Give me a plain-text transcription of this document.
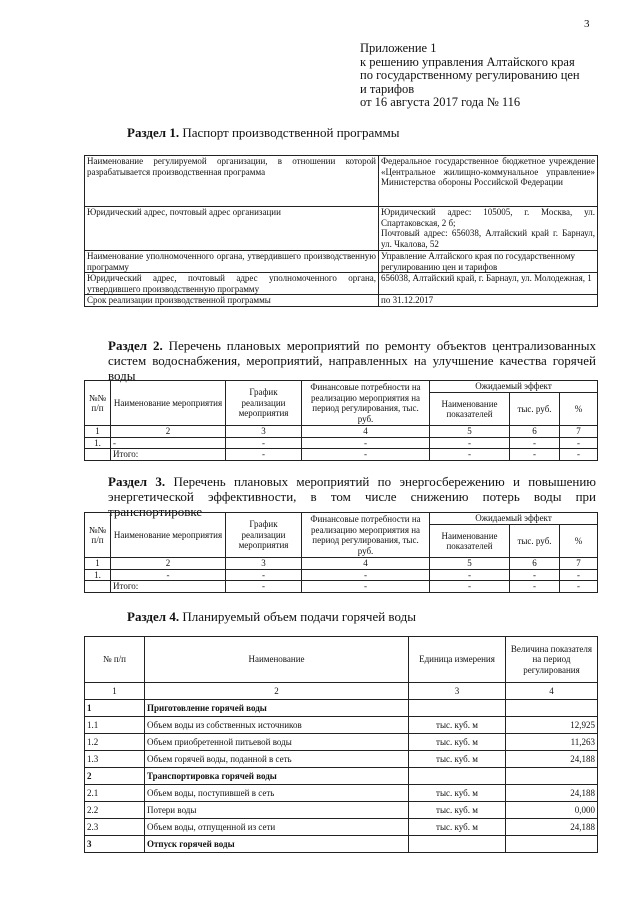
3
Приложение 1
к решению управления Алтайского края
по государственному регулированию цен
и тарифов
от 16 августа 2017 года № 116
Раздел 1. Паспорт производственной программы
Наименование регулируемой организации, в отношении которой разрабатывается производственная программа	Федеральное государственное бюджетное учреждение «Центральное жилищно-коммунальное управление» Министерства обороны Российской Федерации
Юридический адрес, почтовый адрес организации	Юридический адрес: 105005, г. Москва, ул. Спартаковская, 2 б;
Почтовый адрес: 656038, Алтайский край г. Барнаул, ул. Чкалова, 52

Наименование уполномоченного органа, утвердившего производственную программу	Управление Алтайского края по государственному регулированию цен и тарифов
Юридический адрес, почтовый адрес уполномоченного органа, утвердившего производственную программу	656038, Алтайский край, г. Барнаул, ул. Молодежная, 1
Срок реализации производственной программы	по 31.12.2017
Раздел 2. Перечень плановых мероприятий по ремонту объектов централизованных систем водоснабжения, мероприятий, направленных на улучшение качества горячей воды
№№ п/п	Наименование мероприятия	График реализации мероприятия	Финансовые потребности на реализацию мероприятия на период регулирования, тыс. руб.	Ожидаемый эффект		
				Наименование показателей	тыс. руб.	%
1	2	3	4	5	6	7
1.	-	-	-	-	-	-
	Итого:	-	-	-	-	-
Раздел 3. Перечень плановых мероприятий по энергосбережению и повышению энергетической эффективности, в том числе снижению потерь воды при транспортировке
№№ п/п	Наименование мероприятия	График реализации мероприятия	Финансовые потребности на реализацию мероприятия на период регулирования, тыс. руб.	Ожидаемый эффект		
				Наименование показателей	тыс. руб.	%
1	2	3	4	5	6	7
1.	-	-	-	-	-	-
	Итого:	-	-	-	-	-
Раздел 4. Планируемый объем подачи горячей воды
№ п/п	Наименование	Единица измерения	Величина показателя на период регулирования
1	2	3	4
1	Приготовление горячей воды		
1.1	Объем воды из собственных источников	тыс. куб. м	12,925
1.2	Объем приобретенной питьевой воды	тыс. куб. м	11,263
1.3	Объем горячей воды, поданной в сеть	тыс. куб. м	24,188
2	Транспортировка горячей воды		
2.1	Объем воды, поступившей в сеть	тыс. куб. м	24,188
2.2	Потери воды	тыс. куб. м	0,000
2.3	Объем воды, отпущенной из сети	тыс. куб. м	24,188
3	Отпуск горячей воды		
